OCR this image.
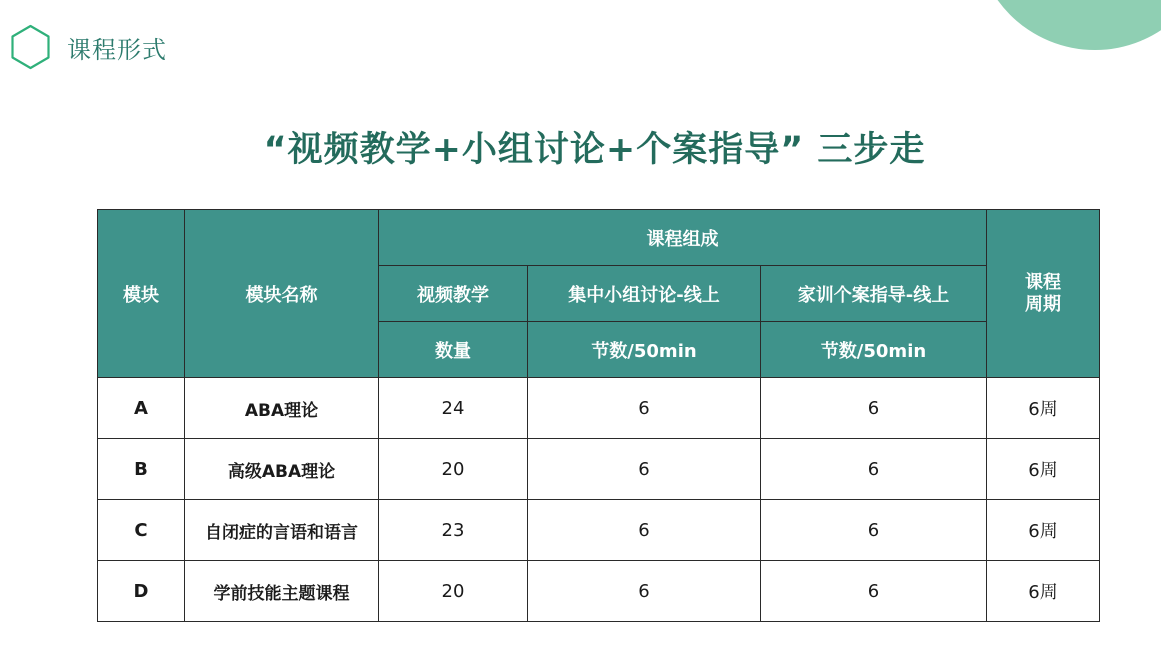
课程形式
“视频教学+小组讨论+个案指导” 三步走
模块	模块名称	课程组成			课程周期
		视频教学	集中小组讨论-线上	家训个案指导-线上	
		数量	节数/50min	节数/50min	
A	ABA理论	24	6	6	6周
B	高级ABA理论	20	6	6	6周
C	自闭症的言语和语言	23	6	6	6周
D	学前技能主题课程	20	6	6	6周
